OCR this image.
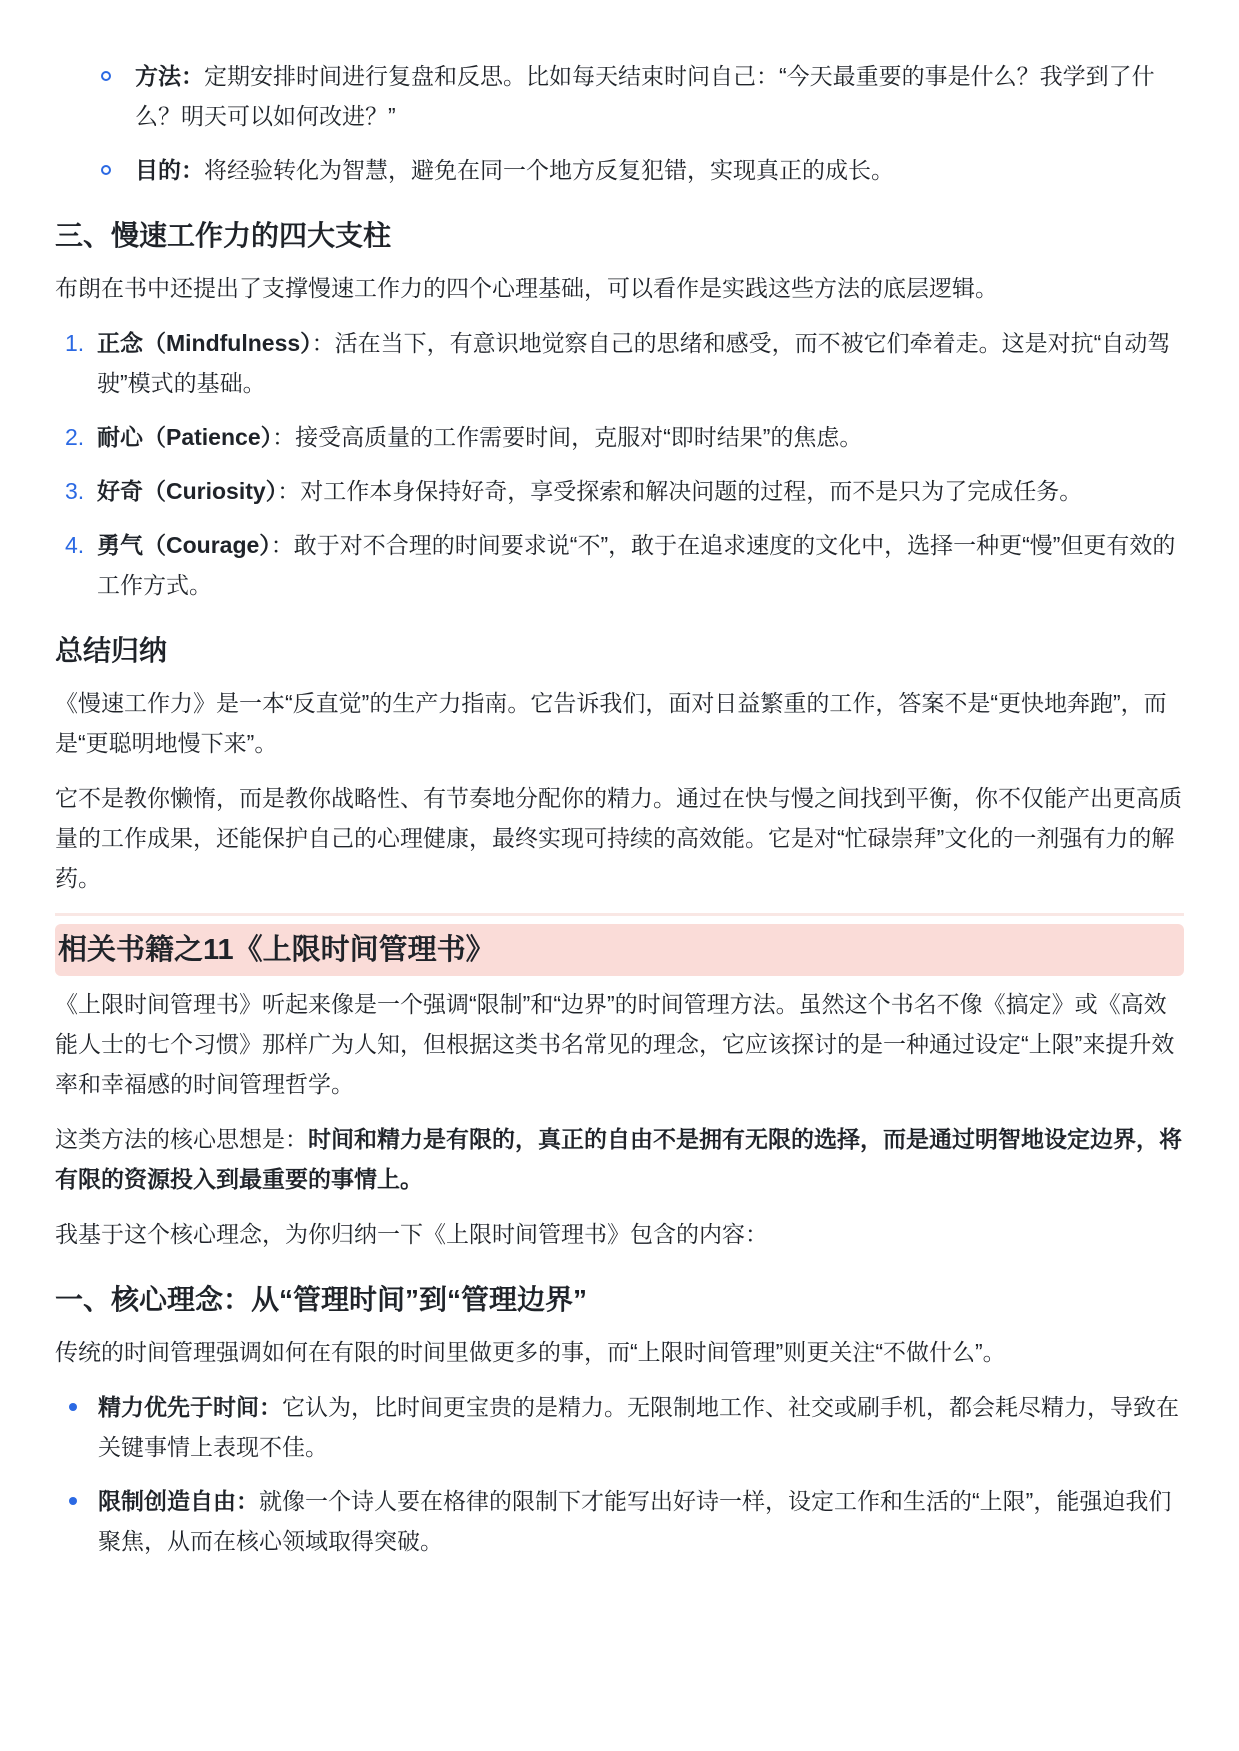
方法：定期安排时间进行复盘和反思。比如每天结束时问自己：“今天最重要的事是什么？我学到了什么？明天可以如何改进？”
目的：将经验转化为智慧，避免在同一个地方反复犯错，实现真正的成长。
三、慢速工作力的四大支柱

布朗在书中还提出了支撑慢速工作力的四个心理基础，可以看作是实践这些方法的底层逻辑。

1. 正念（Mindfulness）：活在当下，有意识地觉察自己的思绪和感受，而不被它们牵着走。这是对抗“自动驾驶”模式的基础。
2. 耐心（Patience）：接受高质量的工作需要时间，克服对“即时结果”的焦虑。
3. 好奇（Curiosity）：对工作本身保持好奇，享受探索和解决问题的过程，而不是只为了完成任务。
4. 勇气（Courage）：敢于对不合理的时间要求说“不”，敢于在追求速度的文化中，选择一种更“慢”但更有效的工作方式。
总结归纳

《慢速工作力》是一本“反直觉”的生产力指南。它告诉我们，面对日益繁重的工作，答案不是“更快地奔跑”，而是“更聪明地慢下来”。

它不是教你懒惰，而是教你战略性、有节奏地分配你的精力。通过在快与慢之间找到平衡，你不仅能产出更高质量的工作成果，还能保护自己的心理健康，最终实现可持续的高效能。它是对“忙碌崇拜”文化的一剂强有力的解药。

相关书籍之11《上限时间管理书》

《上限时间管理书》听起来像是一个强调“限制”和“边界”的时间管理方法。虽然这个书名不像《搞定》或《高效能人士的七个习惯》那样广为人知，但根据这类书名常见的理念，它应该探讨的是一种通过设定“上限”来提升效率和幸福感的时间管理哲学。

这类方法的核心思想是：时间和精力是有限的，真正的自由不是拥有无限的选择，而是通过明智地设定边界，将有限的资源投入到最重要的事情上。

我基于这个核心理念，为你归纳一下《上限时间管理书》包含的内容：

一、核心理念：从“管理时间”到“管理边界”

传统的时间管理强调如何在有限的时间里做更多的事，而“上限时间管理”则更关注“不做什么”。

精力优先于时间：它认为，比时间更宝贵的是精力。无限制地工作、社交或刷手机，都会耗尽精力，导致在关键事情上表现不佳。
限制创造自由：就像一个诗人要在格律的限制下才能写出好诗一样，设定工作和生活的“上限”，能强迫我们聚焦，从而在核心领域取得突破。
